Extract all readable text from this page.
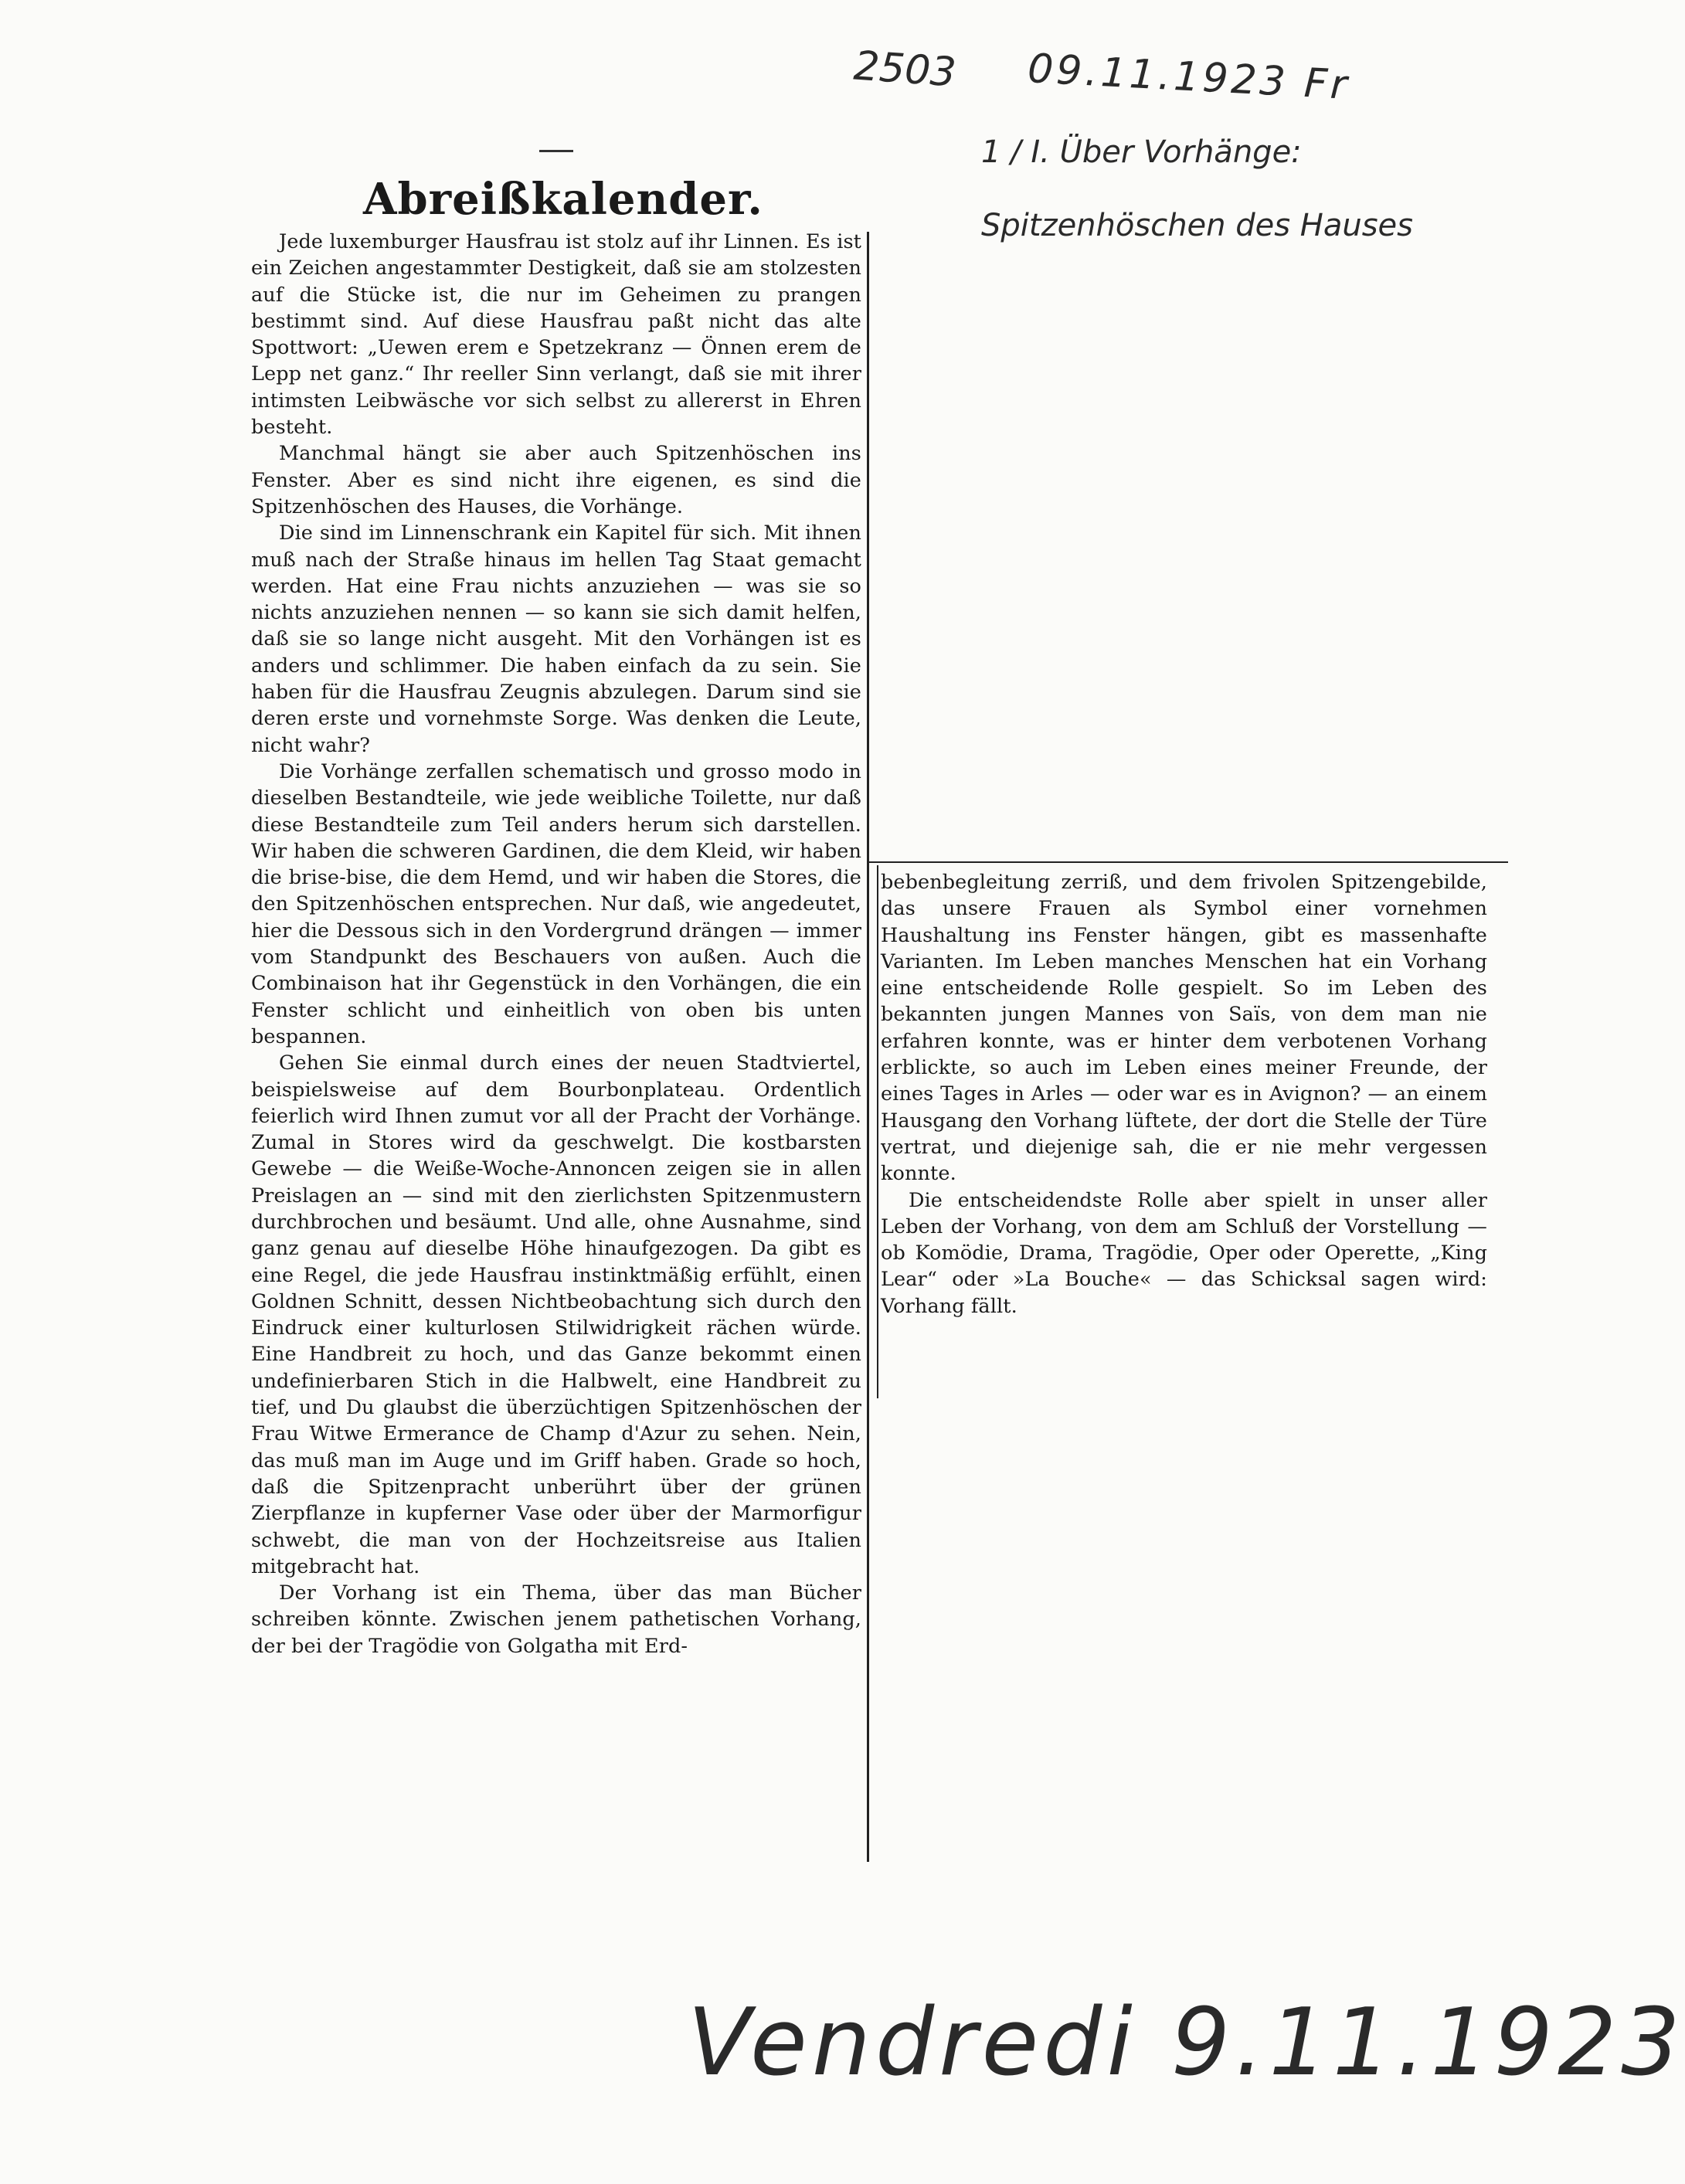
2503 09.11.1923 Fr
1 / I. Über Vorhänge: Spitzenhöschen des Hauses
Abreißkalender.

Jede luxemburger Hausfrau ist stolz auf ihr Linnen. Es ist ein Zeichen angestammter Destigkeit, daß sie am stolzesten auf die Stücke ist, die nur im Geheimen zu prangen bestimmt sind. Auf diese Hausfrau paßt nicht das alte Spottwort: „Uewen erem e Spetzekranz — Önnen erem de Lepp net ganz.“ Ihr reeller Sinn verlangt, daß sie mit ihrer intimsten Leibwäsche vor sich selbst zu allererst in Ehren besteht.

Manchmal hängt sie aber auch Spitzenhöschen ins Fenster. Aber es sind nicht ihre eigenen, es sind die Spitzenhöschen des Hauses, die Vorhänge.

Die sind im Linnenschrank ein Kapitel für sich. Mit ihnen muß nach der Straße hinaus im hellen Tag Staat gemacht werden. Hat eine Frau nichts anzuziehen — was sie so nichts anzuziehen nennen — so kann sie sich damit helfen, daß sie so lange nicht ausgeht. Mit den Vorhängen ist es anders und schlimmer. Die haben einfach da zu sein. Sie haben für die Hausfrau Zeugnis abzulegen. Darum sind sie deren erste und vornehmste Sorge. Was denken die Leute, nicht wahr?

Die Vorhänge zerfallen schematisch und grosso modo in dieselben Bestandteile, wie jede weibliche Toilette, nur daß diese Bestandteile zum Teil anders herum sich darstellen. Wir haben die schweren Gardinen, die dem Kleid, wir haben die brise-bise, die dem Hemd, und wir haben die Stores, die den Spitzenhöschen entsprechen. Nur daß, wie angedeutet, hier die Dessous sich in den Vordergrund drängen — immer vom Standpunkt des Beschauers von außen. Auch die Combinaison hat ihr Gegenstück in den Vorhängen, die ein Fenster schlicht und einheitlich von oben bis unten bespannen.

Gehen Sie einmal durch eines der neuen Stadtviertel, beispielsweise auf dem Bourbonplateau. Ordentlich feierlich wird Ihnen zumut vor all der Pracht der Vorhänge. Zumal in Stores wird da geschwelgt. Die kostbarsten Gewebe — die Weiße-Woche-Annoncen zeigen sie in allen Preislagen an — sind mit den zierlichsten Spitzenmustern durchbrochen und besäumt. Und alle, ohne Ausnahme, sind ganz genau auf dieselbe Höhe hinaufgezogen. Da gibt es eine Regel, die jede Hausfrau instinktmäßig erfühlt, einen Goldnen Schnitt, dessen Nichtbeobachtung sich durch den Eindruck einer kulturlosen Stilwidrigkeit rächen würde. Eine Handbreit zu hoch, und das Ganze bekommt einen undefinierbaren Stich in die Halbwelt, eine Handbreit zu tief, und Du glaubst die überzüchtigen Spitzenhöschen der Frau Witwe Ermerance de Champ d'Azur zu sehen. Nein, das muß man im Auge und im Griff haben. Grade so hoch, daß die Spitzenpracht unberührt über der grünen Zierpflanze in kupferner Vase oder über der Marmorfigur schwebt, die man von der Hochzeitsreise aus Italien mitgebracht hat.

Der Vorhang ist ein Thema, über das man Bücher schreiben könnte. Zwischen jenem pathetischen Vorhang, der bei der Tragödie von Golgatha mit Erd-

bebenbegleitung zerriß, und dem frivolen Spitzengebilde, das unsere Frauen als Symbol einer vornehmen Haushaltung ins Fenster hängen, gibt es massenhafte Varianten. Im Leben manches Menschen hat ein Vorhang eine entscheidende Rolle gespielt. So im Leben des bekannten jungen Mannes von Saïs, von dem man nie erfahren konnte, was er hinter dem verbotenen Vorhang erblickte, so auch im Leben eines meiner Freunde, der eines Tages in Arles — oder war es in Avignon? — an einem Hausgang den Vorhang lüftete, der dort die Stelle der Türe vertrat, und diejenige sah, die er nie mehr vergessen konnte.

Die entscheidendste Rolle aber spielt in unser aller Leben der Vorhang, von dem am Schluß der Vorstellung — ob Komödie, Drama, Tragödie, Oper oder Operette, „King Lear“ oder »La Bouche« — das Schicksal sagen wird: Vorhang fällt.

Vendredi 9.11.1923
